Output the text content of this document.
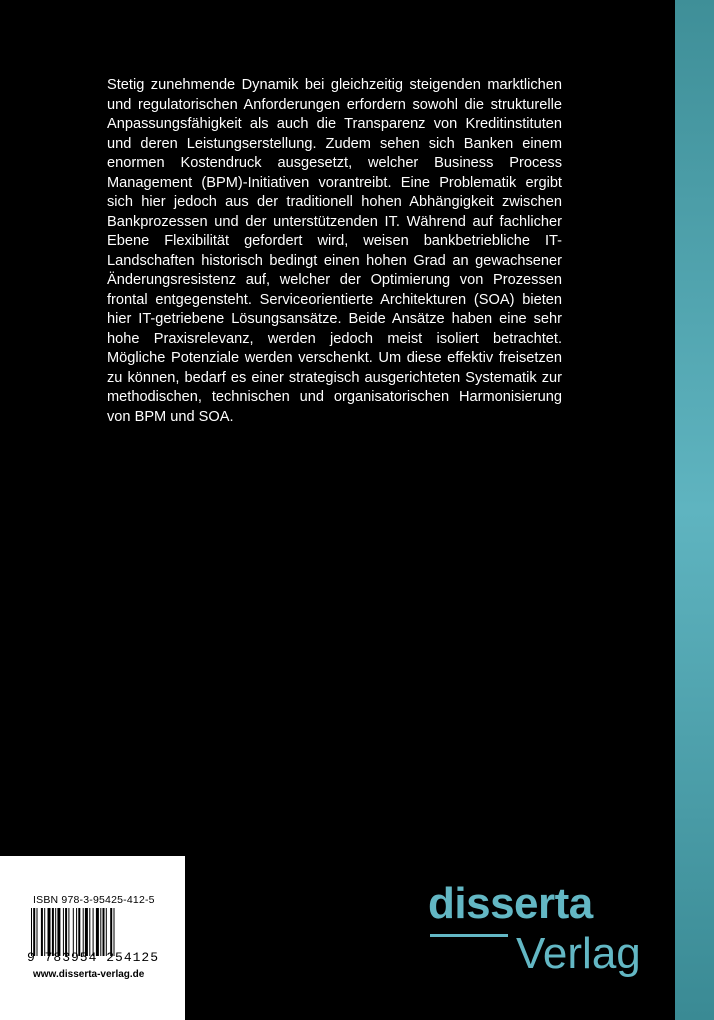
Stetig zunehmende Dynamik bei gleichzeitig steigenden marktlichen und regulatorischen Anforderungen erfordern sowohl die strukturelle Anpassungsfähigkeit als auch die Transparenz von Kreditinstituten und deren Leistungserstellung. Zudem sehen sich Banken einem enormen Kostendruck ausgesetzt, welcher Business Process Management (BPM)-Initiativen vorantreibt. Eine Problematik ergibt sich hier jedoch aus der traditionell hohen Abhängigkeit zwischen Bankprozessen und der unterstützenden IT. Während auf fachlicher Ebene Flexibilität gefordert wird, weisen bankbetriebliche IT-Landschaften historisch bedingt einen hohen Grad an gewachsener Änderungsresistenz auf, welcher der Optimierung von Prozessen frontal entgegensteht. Serviceorientierte Architekturen (SOA) bieten hier IT-getriebene Lösungsansätze. Beide Ansätze haben eine sehr hohe Praxisrelevanz, werden jedoch meist isoliert betrachtet. Mögliche Potenziale werden verschenkt. Um diese effektiv freisetzen zu können, bedarf es einer strategisch ausgerichteten Systematik zur methodischen, technischen und organisatorischen Harmonisierung von BPM und SOA.

ISBN 978-3-95425-412-5
9 783954 254125
www.disserta-verlag.de
disserta
Verlag
